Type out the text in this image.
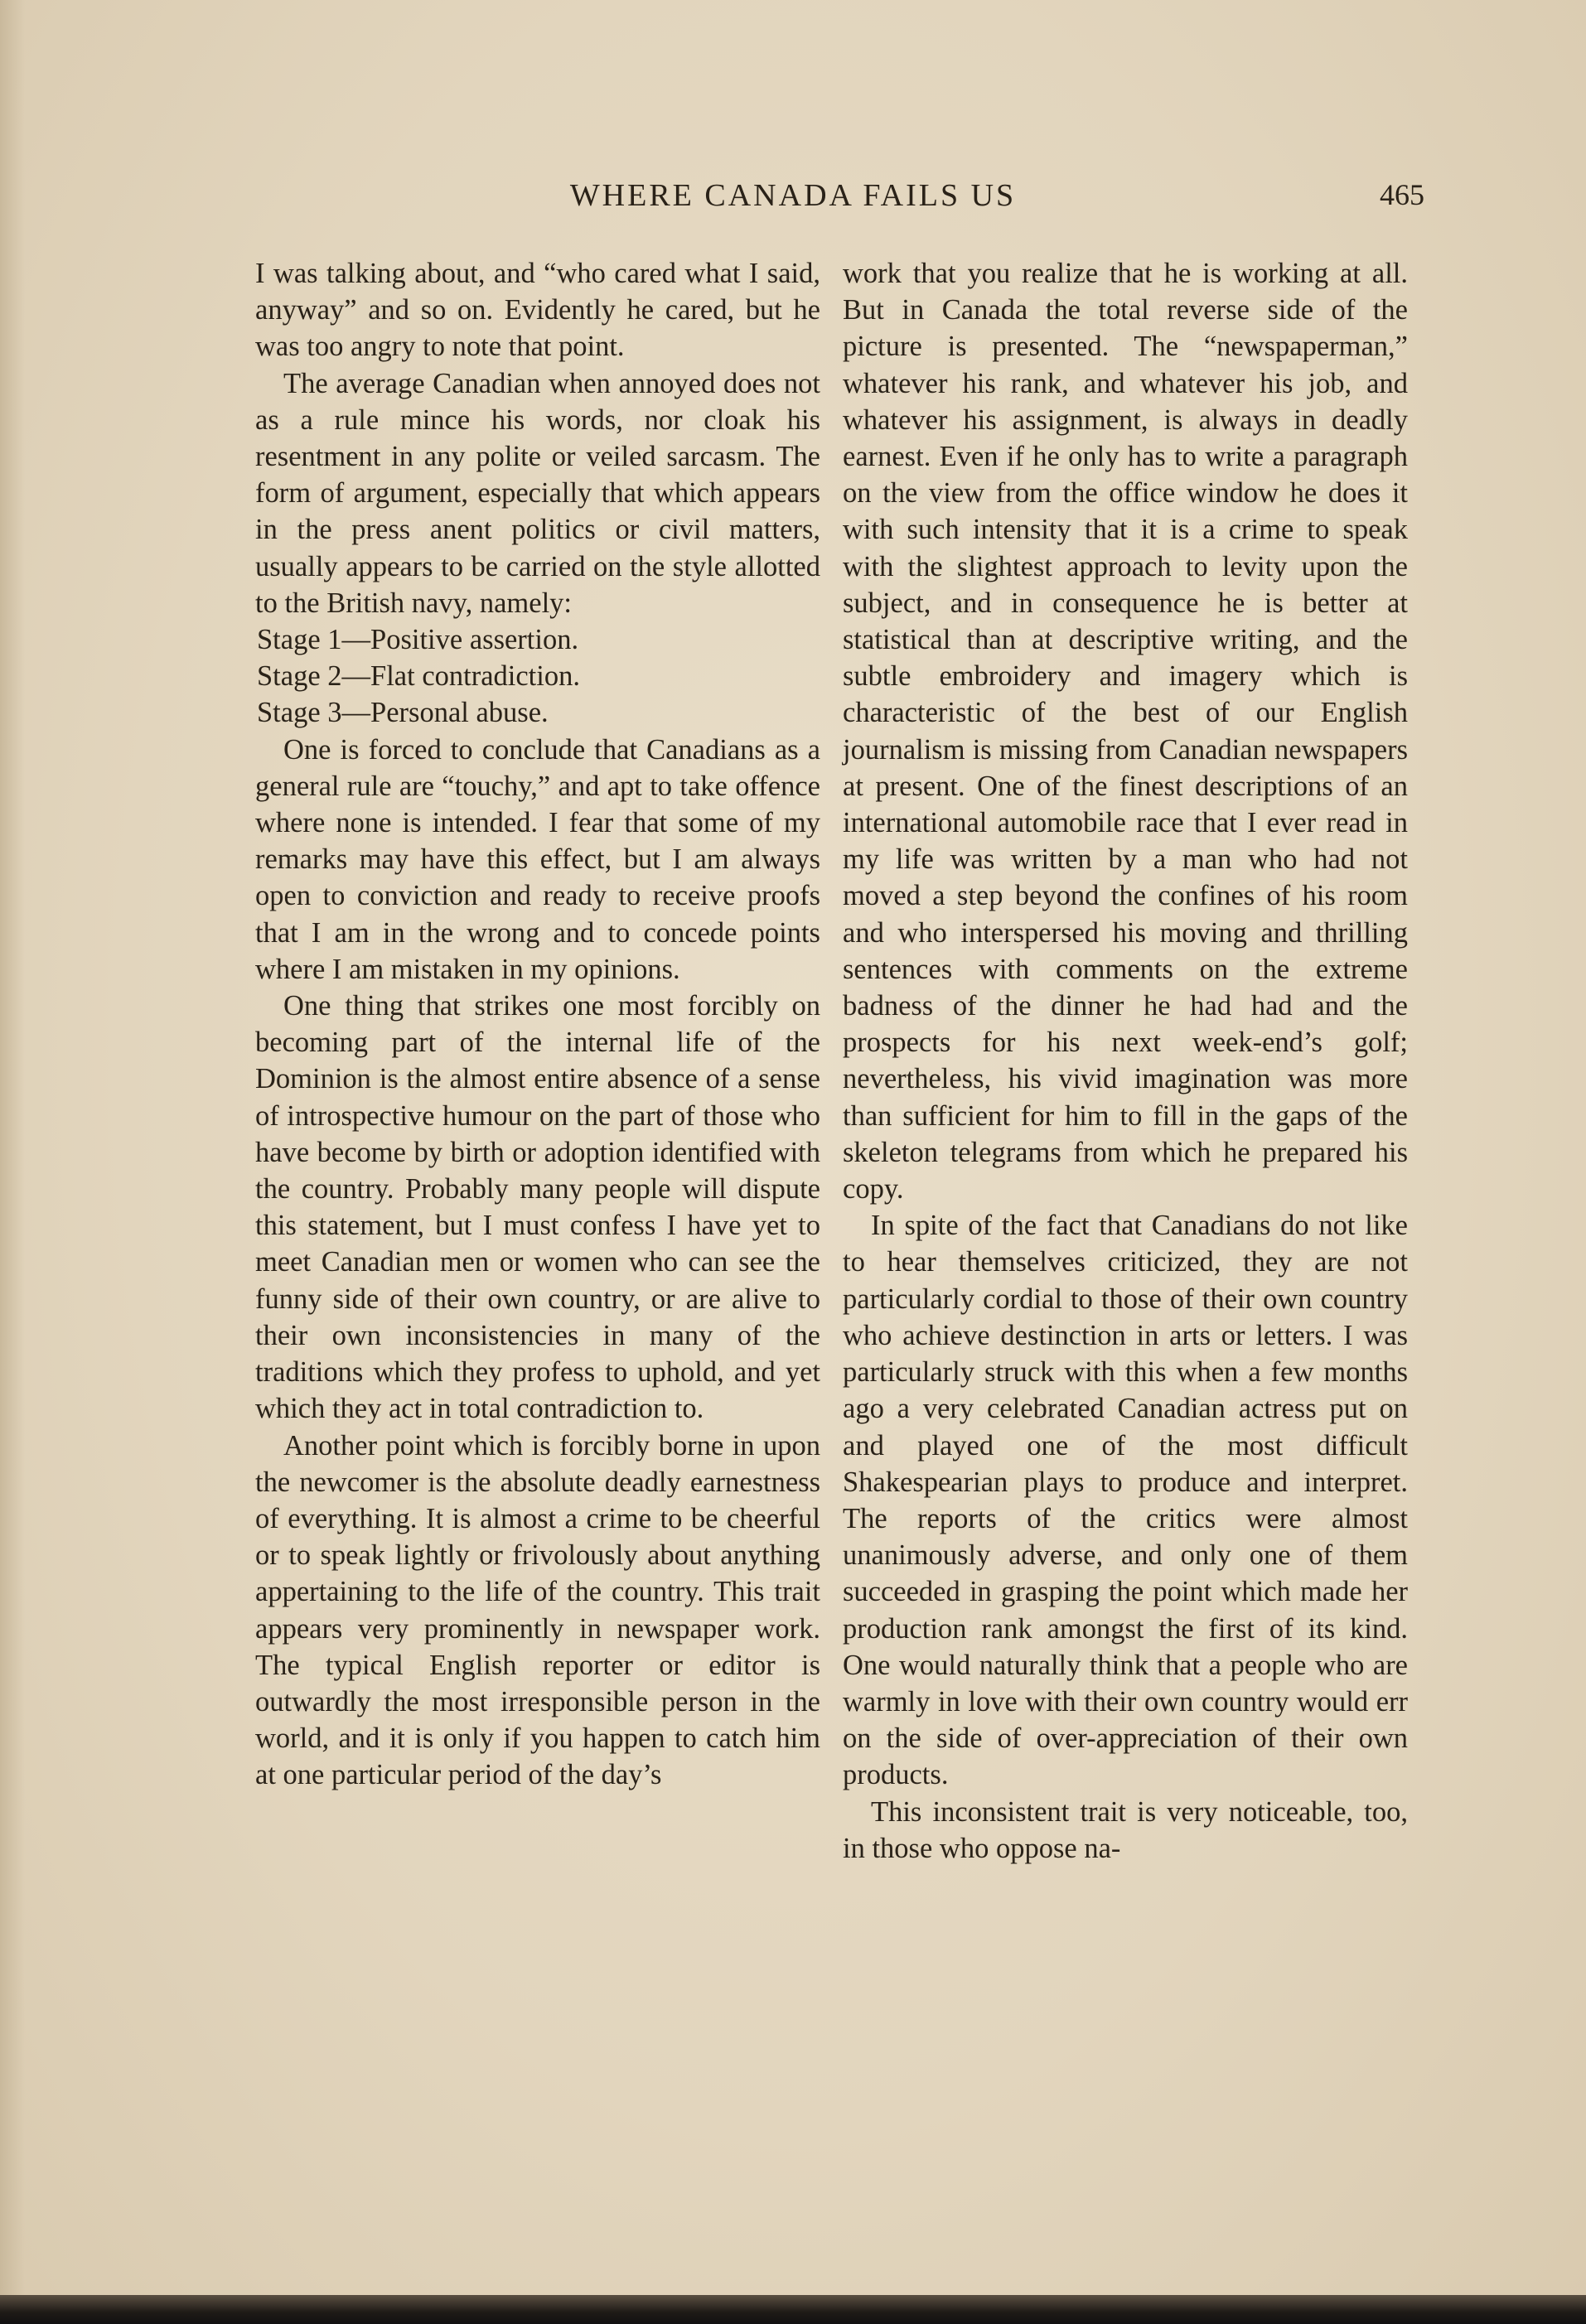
WHERE CANADA FAILS US	465

I was talking about, and “who cared what I said, anyway” and so on. Evidently he cared, but he was too angry to note that point.

The average Canadian when annoyed does not as a rule mince his words, nor cloak his resentment in any polite or veiled sarcasm. The form of argument, especially that which appears in the press anent politics or civil matters, usually appears to be carried on the style allotted to the British navy, namely:

Stage 1—Positive assertion.

Stage 2—Flat contradiction.

Stage 3—Personal abuse.

One is forced to conclude that Canadians as a general rule are “touchy,” and apt to take offence where none is intended. I fear that some of my remarks may have this effect, but I am always open to conviction and ready to receive proofs that I am in the wrong and to concede points where I am mistaken in my opinions.

One thing that strikes one most forcibly on becoming part of the internal life of the Dominion is the almost entire absence of a sense of introspective humour on the part of those who have become by birth or adoption identified with the country. Probably many people will dispute this statement, but I must confess I have yet to meet Canadian men or women who can see the funny side of their own country, or are alive to their own inconsistencies in many of the traditions which they profess to uphold, and yet which they act in total contradiction to.

Another point which is forcibly borne in upon the newcomer is the absolute deadly earnestness of everything. It is almost a crime to be cheerful or to speak lightly or frivolously about anything appertaining to the life of the country. This trait appears very prominently in newspaper work. The typical English reporter or editor is outwardly the most irresponsible person in the world, and it is only if you happen to catch him at one particular period of the day’s

work that you realize that he is working at all. But in Canada the total reverse side of the picture is presented. The “newspaperman,” whatever his rank, and whatever his job, and whatever his assignment, is always in deadly earnest. Even if he only has to write a paragraph on the view from the office window he does it with such intensity that it is a crime to speak with the slightest approach to levity upon the subject, and in consequence he is better at statistical than at descriptive writing, and the subtle embroidery and imagery which is characteristic of the best of our English journalism is missing from Canadian newspapers at present. One of the finest descriptions of an international automobile race that I ever read in my life was written by a man who had not moved a step beyond the confines of his room and who interspersed his moving and thrilling sentences with comments on the extreme badness of the dinner he had had and the prospects for his next week-end’s golf; nevertheless, his vivid imagination was more than sufficient for him to fill in the gaps of the skeleton telegrams from which he prepared his copy.

In spite of the fact that Canadians do not like to hear themselves criticized, they are not particularly cordial to those of their own country who achieve destinction in arts or letters. I was particularly struck with this when a few months ago a very celebrated Canadian actress put on and played one of the most difficult Shakespearian plays to produce and interpret. The reports of the critics were almost unanimously adverse, and only one of them succeeded in grasping the point which made her production rank amongst the first of its kind. One would naturally think that a people who are warmly in love with their own country would err on the side of over-appreciation of their own products.

This inconsistent trait is very noticeable, too, in those who oppose na-
